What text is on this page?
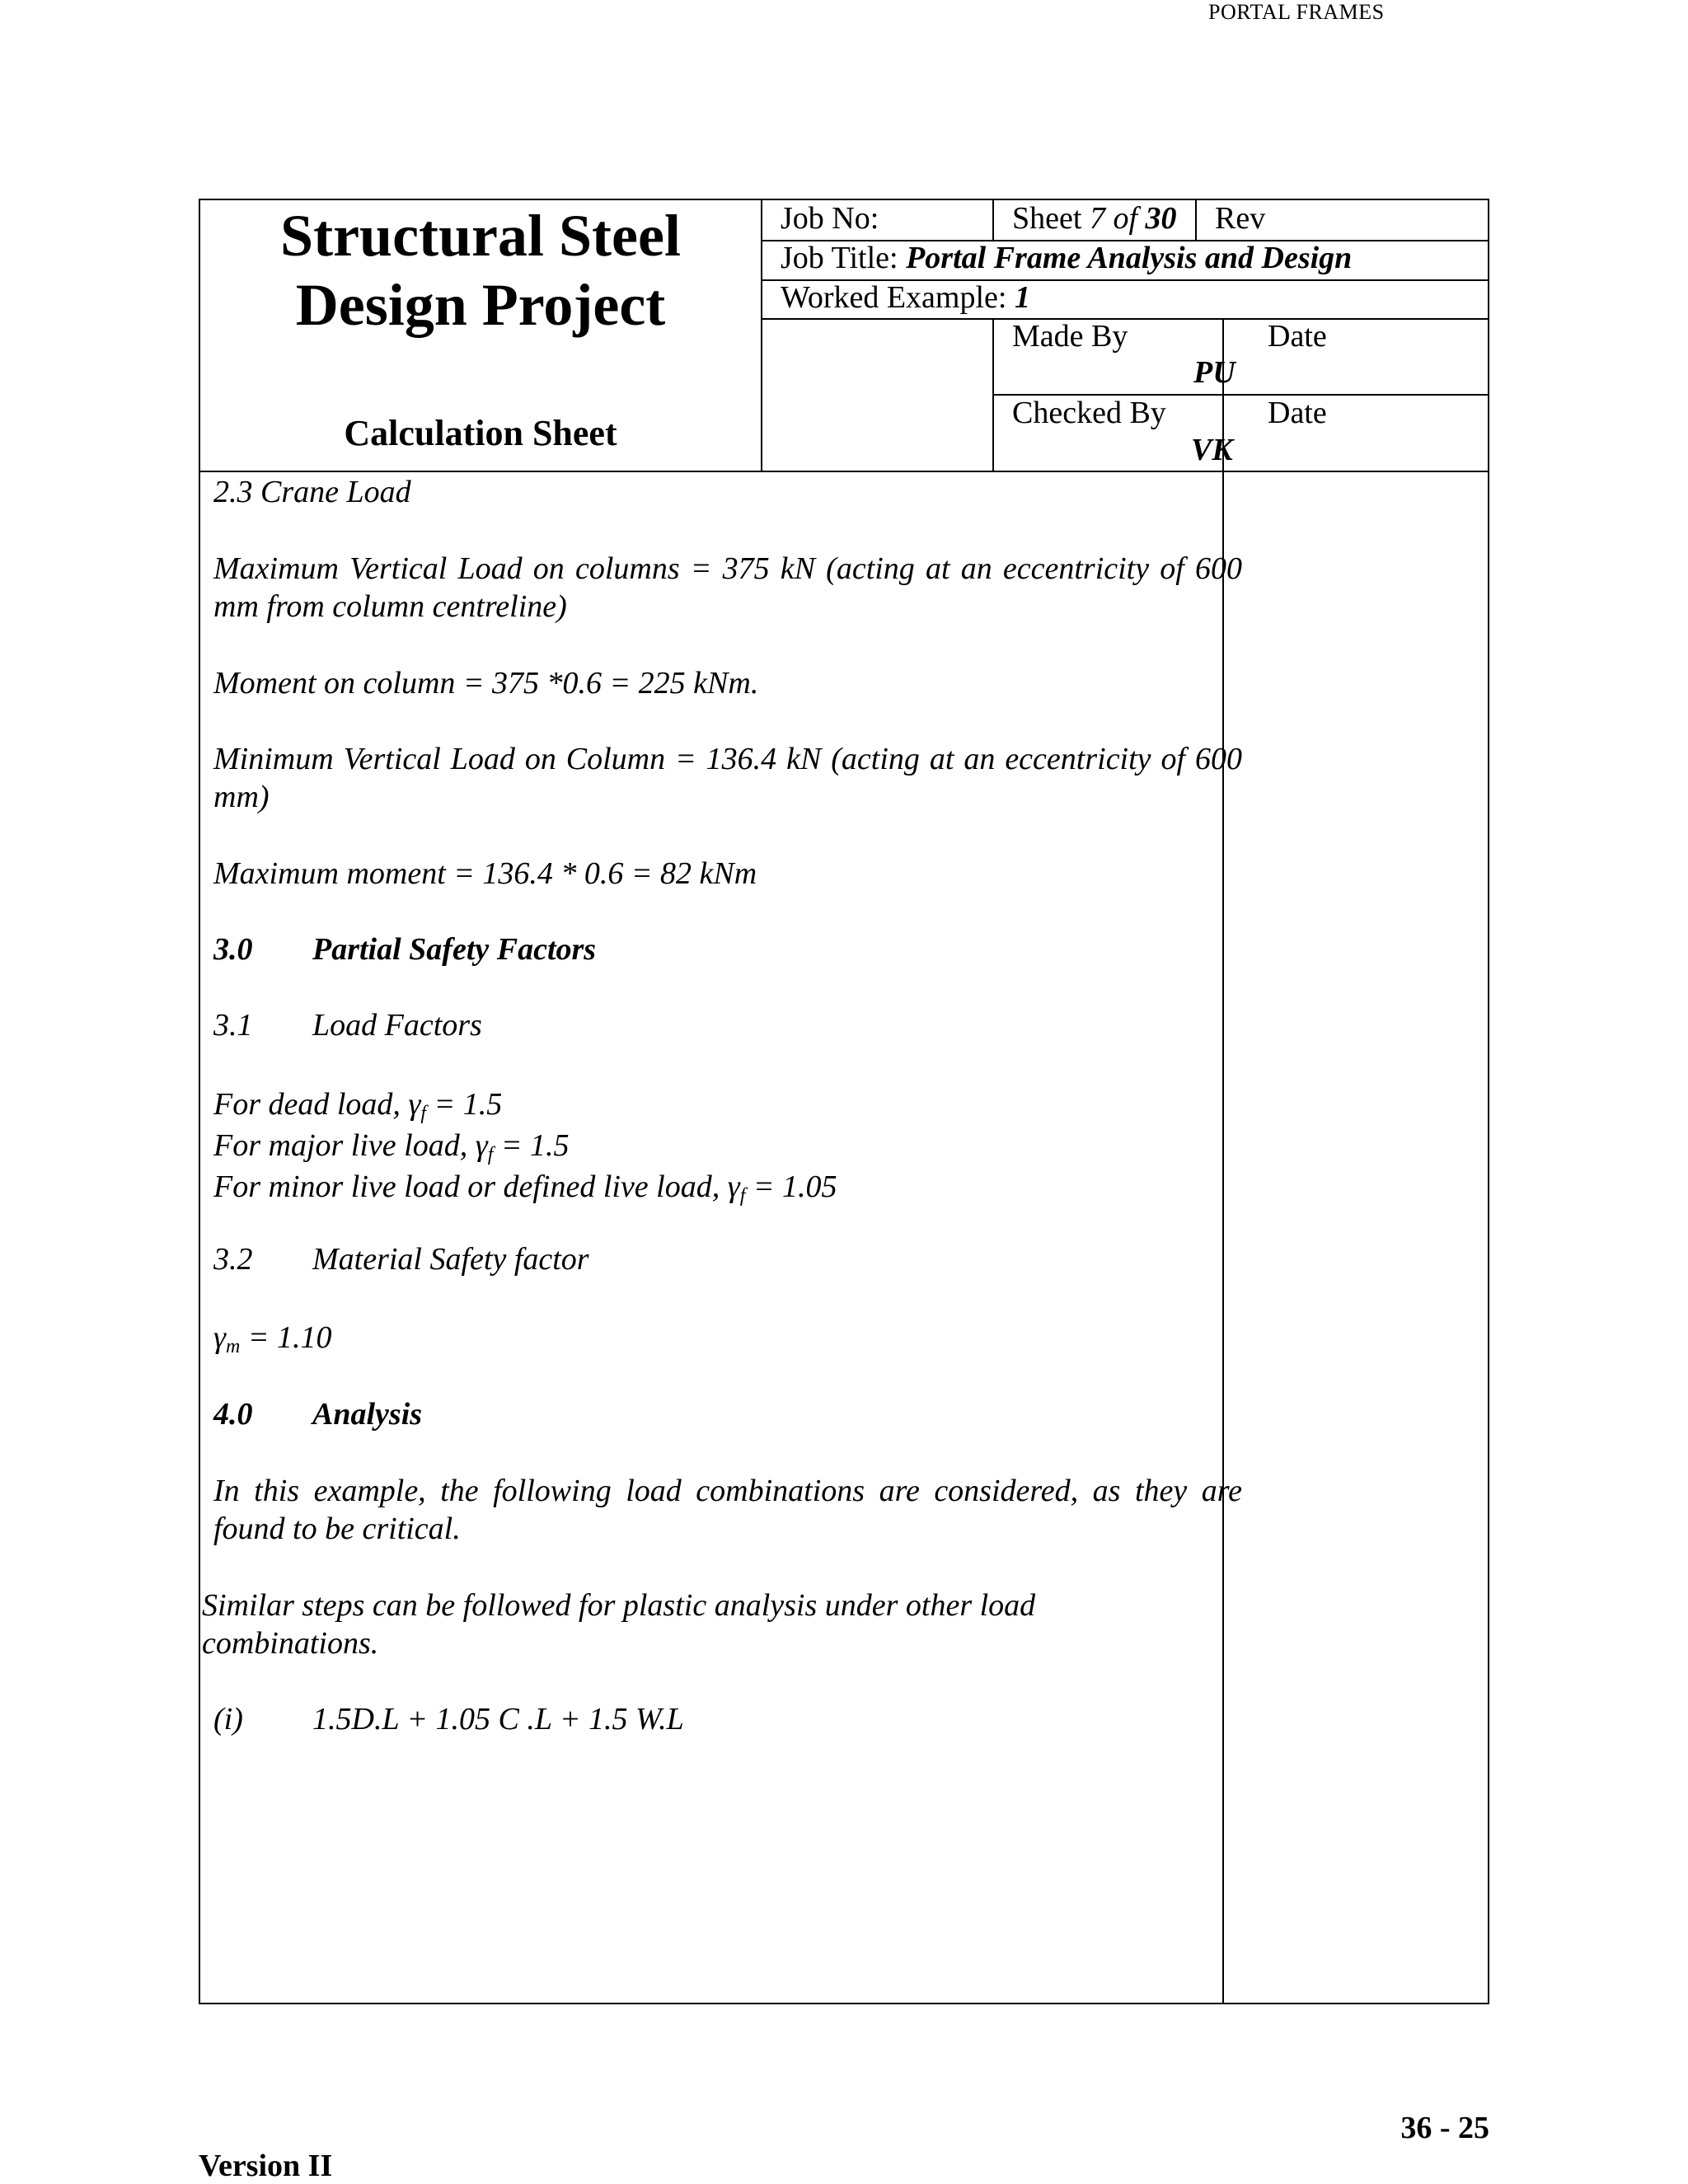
PORTAL FRAMES
Structural Steel
Design Project
Calculation Sheet
Job No:	Sheet 7 of 30 Rev
Job Title: Portal Frame Analysis and Design
Worked Example: 1
Made By
PU
Date
Checked By
VK
Date
2.3 Crane Load
Maximum Vertical Load on columns = 375 kN (acting at an eccentricity of 600 mm from column centreline)
Moment on column = 375 *0.6 = 225 kNm.
Minimum Vertical Load on Column = 136.4 kN (acting at an eccentricity of 600 mm)
Maximum moment = 136.4 * 0.6 = 82 kNm
3.0 Partial Safety Factors
3.1 Load Factors
For dead load, $\gamma_f = 1.5$
For major live load, $\gamma_f = 1.5$
For minor live load or defined live load, $\gamma_f = 1.05$
3.2 Material Safety factor
$\gamma_m = 1.10$
4.0 Analysis
In this example, the following load combinations are considered, as they are found to be critical.
Similar steps can be followed for plastic analysis under other load combinations.
(i) 1.5D.L + 1.05 C .L + 1.5 W.L
36 - 25
Version II
